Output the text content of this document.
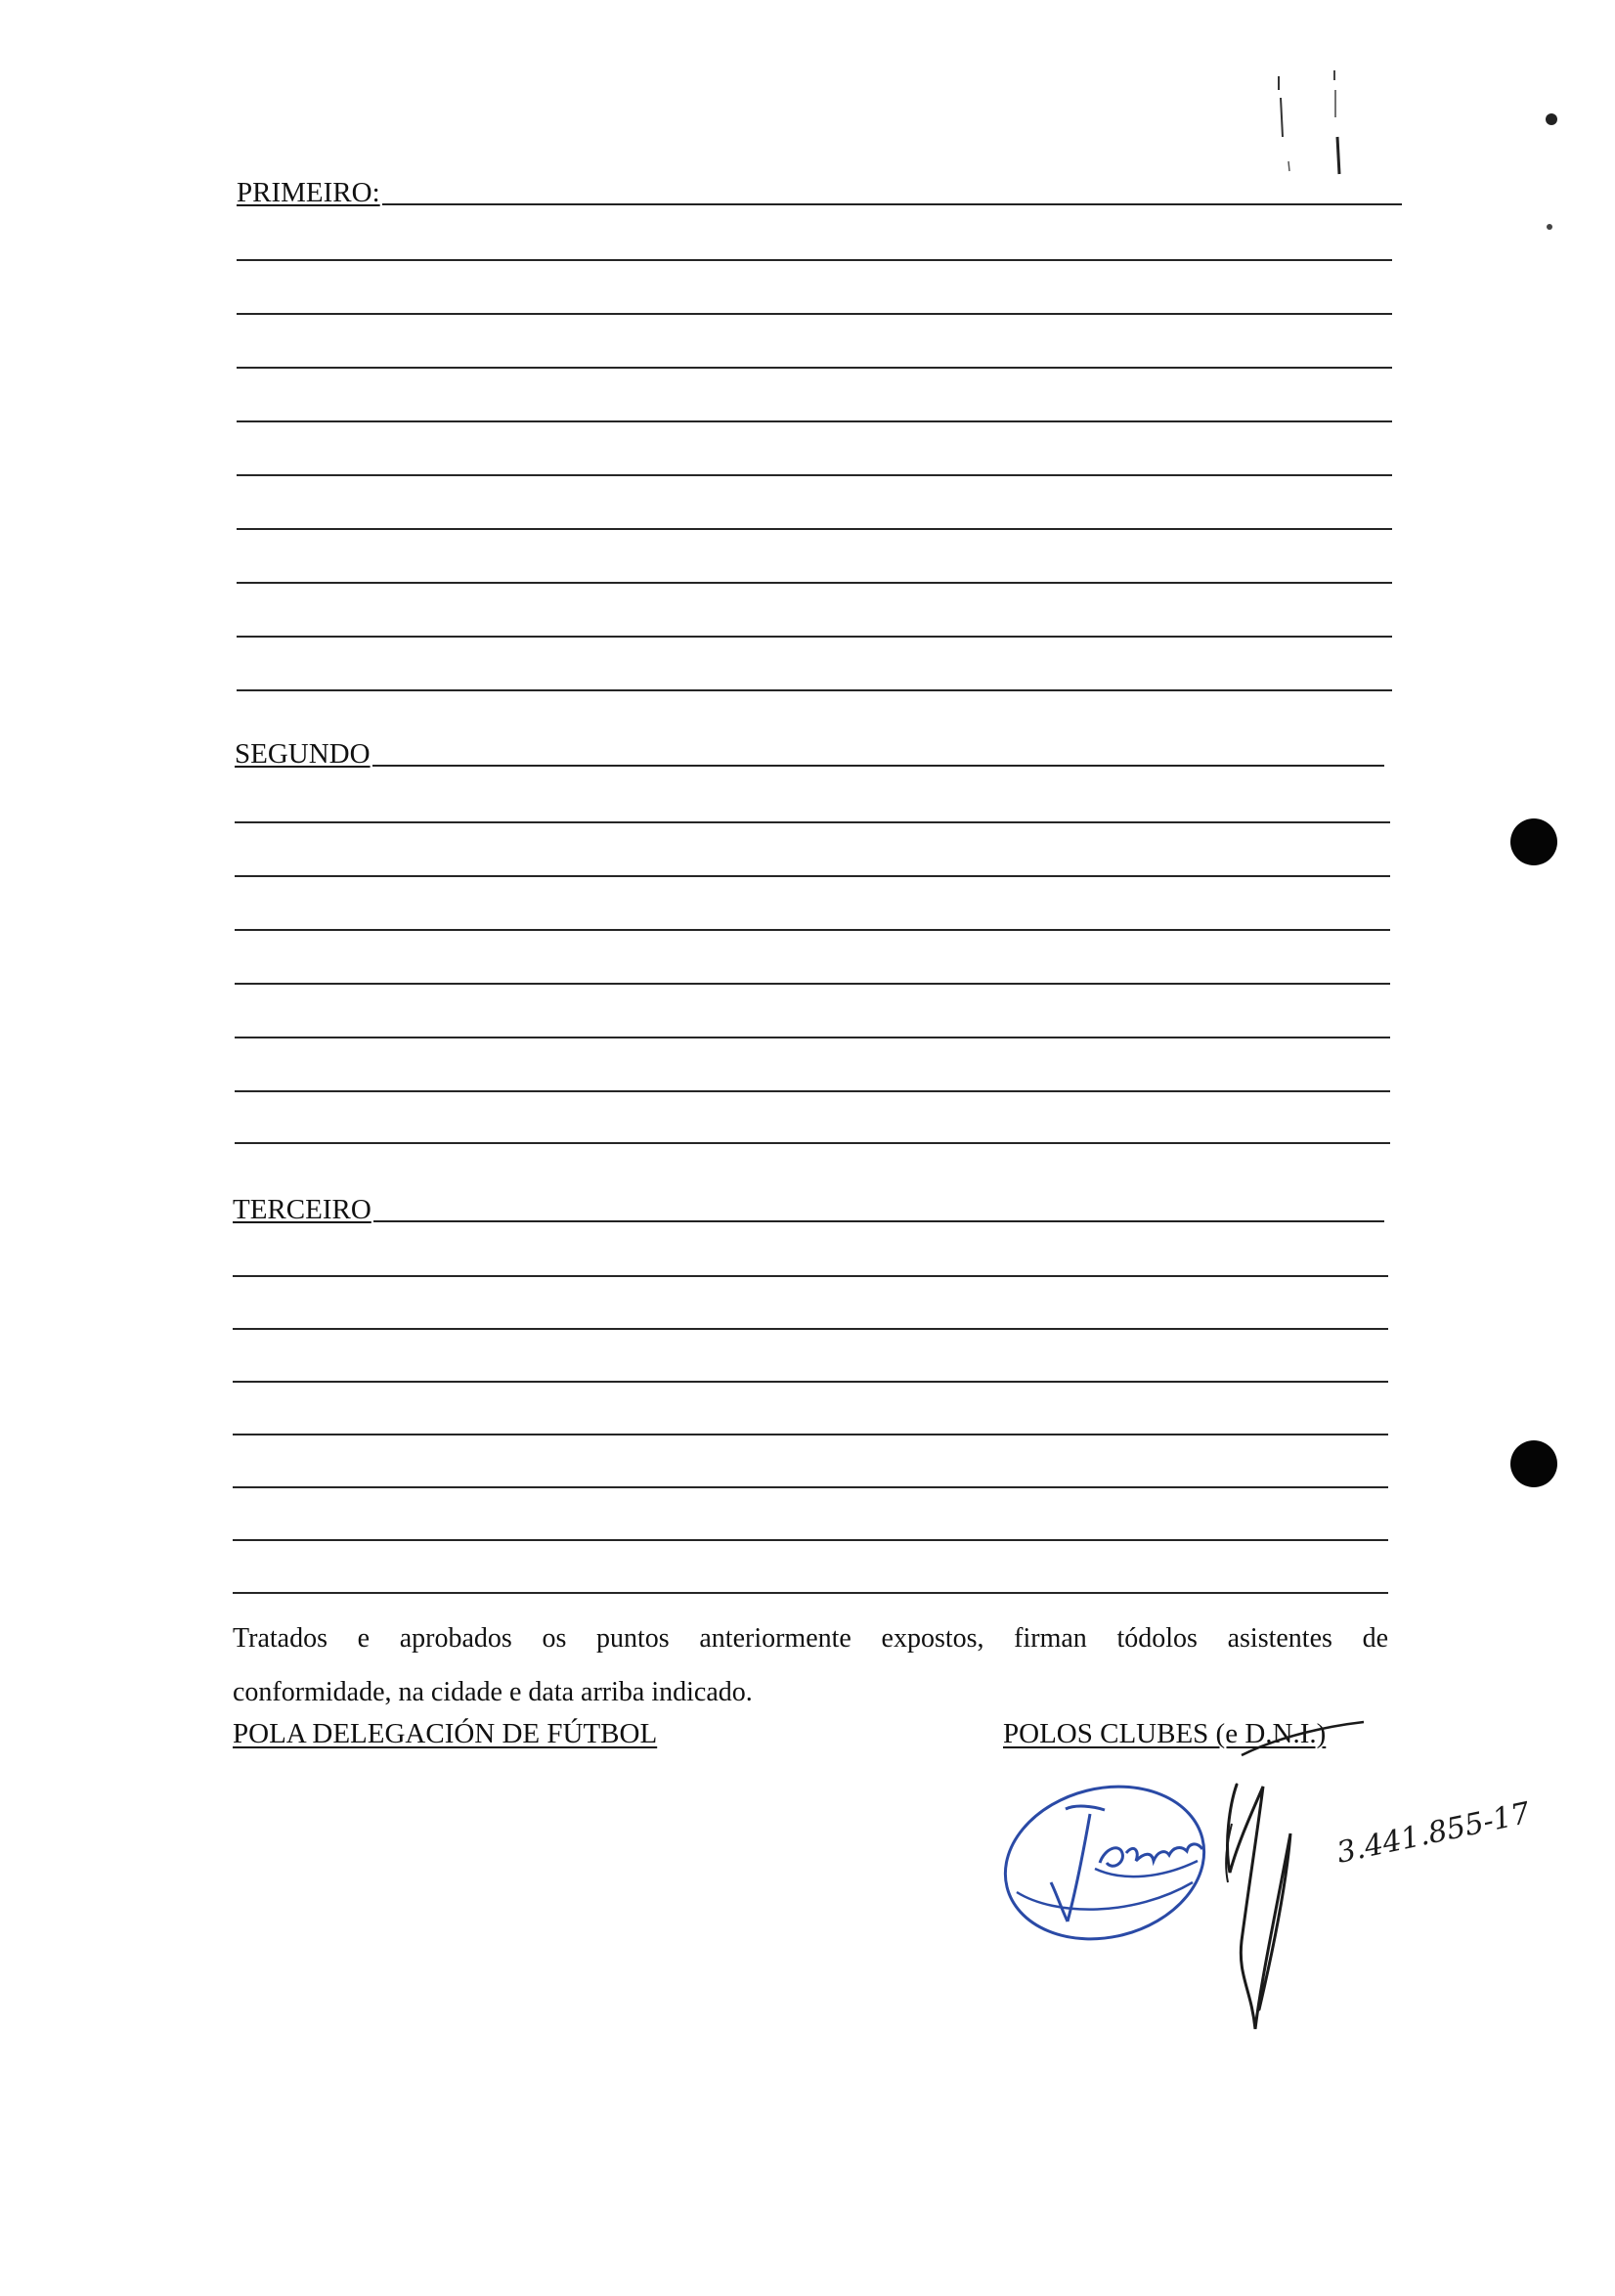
PRIMEIRO:
SEGUNDO
TERCEIRO
Tratados e aprobados os puntos anteriormente expostos, firman tódolos asistentes de
conformidade, na cidade e data arriba indicado.
POLA DELEGACIÓN DE FÚTBOL	POLOS CLUBES (e D.N.I.)
3.441.855-17
